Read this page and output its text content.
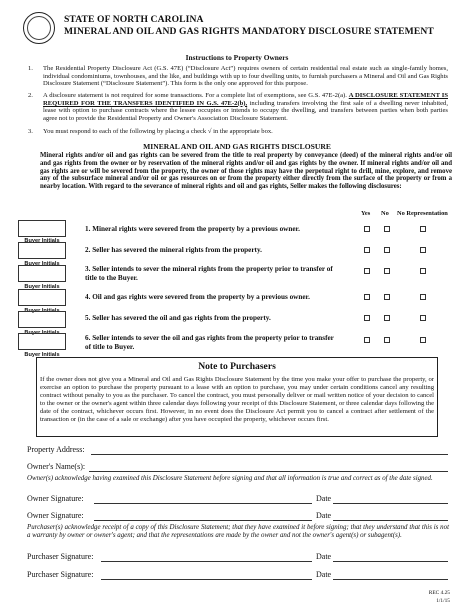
STATE OF NORTH CAROLINA
MINERAL AND OIL AND GAS RIGHTS MANDATORY DISCLOSURE STATEMENT
Instructions to Property Owners
1. The Residential Property Disclosure Act (G.S. 47E) (“Disclosure Act”) requires owners of certain residential real estate such as single-family homes, individual condominiums, townhouses, and the like, and buildings with up to four dwelling units, to furnish purchasers a Mineral and Oil and Gas Rights Disclosure Statement (“Disclosure Statement”). This form is the only one approved for this purpose.
2. A disclosure statement is not required for some transactions. For a complete list of exemptions, see G.S. 47E-2(a). A DISCLOSURE STATEMENT IS REQUIRED FOR THE TRANSFERS IDENTIFIED IN G.S. 47E-2(b), including transfers involving the first sale of a dwelling never inhabited, lease with option to purchase contracts where the lessee occupies or intends to occupy the dwelling, and transfers between parties when both parties agree not to provide the Residential Property and Owner's Association Disclosure Statement.
3. You must respond to each of the following by placing a check √ in the appropriate box.
MINERAL AND OIL AND GAS RIGHTS DISCLOSURE
Mineral rights and/or oil and gas rights can be severed from the title to real property by conveyance (deed) of the mineral rights and/or oil and gas rights from the owner or by reservation of the mineral rights and/or oil and gas rights by the owner. If mineral rights and/or oil and gas rights are or will be severed from the property, the owner of those rights may have the perpetual right to drill, mine, explore, and remove any of the subsurface mineral and/or oil or gas resources on or from the property either directly from the surface of the property or from a nearby location. With regard to the severance of mineral rights and oil and gas rights, Seller makes the following disclosures:
Yes No No Representation
Buyer Initials
1. Mineral rights were severed from the property by a previous owner.
Buyer Initials
2. Seller has severed the mineral rights from the property.
Buyer Initials
3. Seller intends to sever the mineral rights from the property prior to transfer of title to the Buyer.
Buyer Initials
4. Oil and gas rights were severed from the property by a previous owner.
Buyer Initials
5. Seller has severed the oil and gas rights from the property.
Buyer Initials
6. Seller intends to sever the oil and gas rights from the property prior to transfer of title to Buyer.
Note to Purchasers
If the owner does not give you a Mineral and Oil and Gas Rights Disclosure Statement by the time you make your offer to purchase the property, or exercise an option to purchase the property pursuant to a lease with an option to purchase, you may under certain conditions cancel any resulting contract without penalty to you as the purchaser. To cancel the contract, you must personally deliver or mail written notice of your decision to cancel to the owner or the owner's agent within three calendar days following your receipt of this Disclosure Statement, or three calendar days following the date of the contract, whichever occurs first. However, in no event does the Disclosure Act permit you to cancel a contract after settlement of the transaction or (in the case of a sale or exchange) after you have occupied the property, whichever occurs first.
Property Address:
Owner's Name(s):
Owner(s) acknowledge having examined this Disclosure Statement before signing and that all information is true and correct as of the date signed.
Owner Signature:	Date
Owner Signature:	Date
Purchaser(s) acknowledge receipt of a copy of this Disclosure Statement; that they have examined it before signing; that they understand that this is not a warranty by owner or owner's agent; and that the representations are made by the owner and not the owner's agent(s) or subagent(s).
Purchaser Signature:	Date
Purchaser Signature:	Date
REC 4.25
1/1/15
